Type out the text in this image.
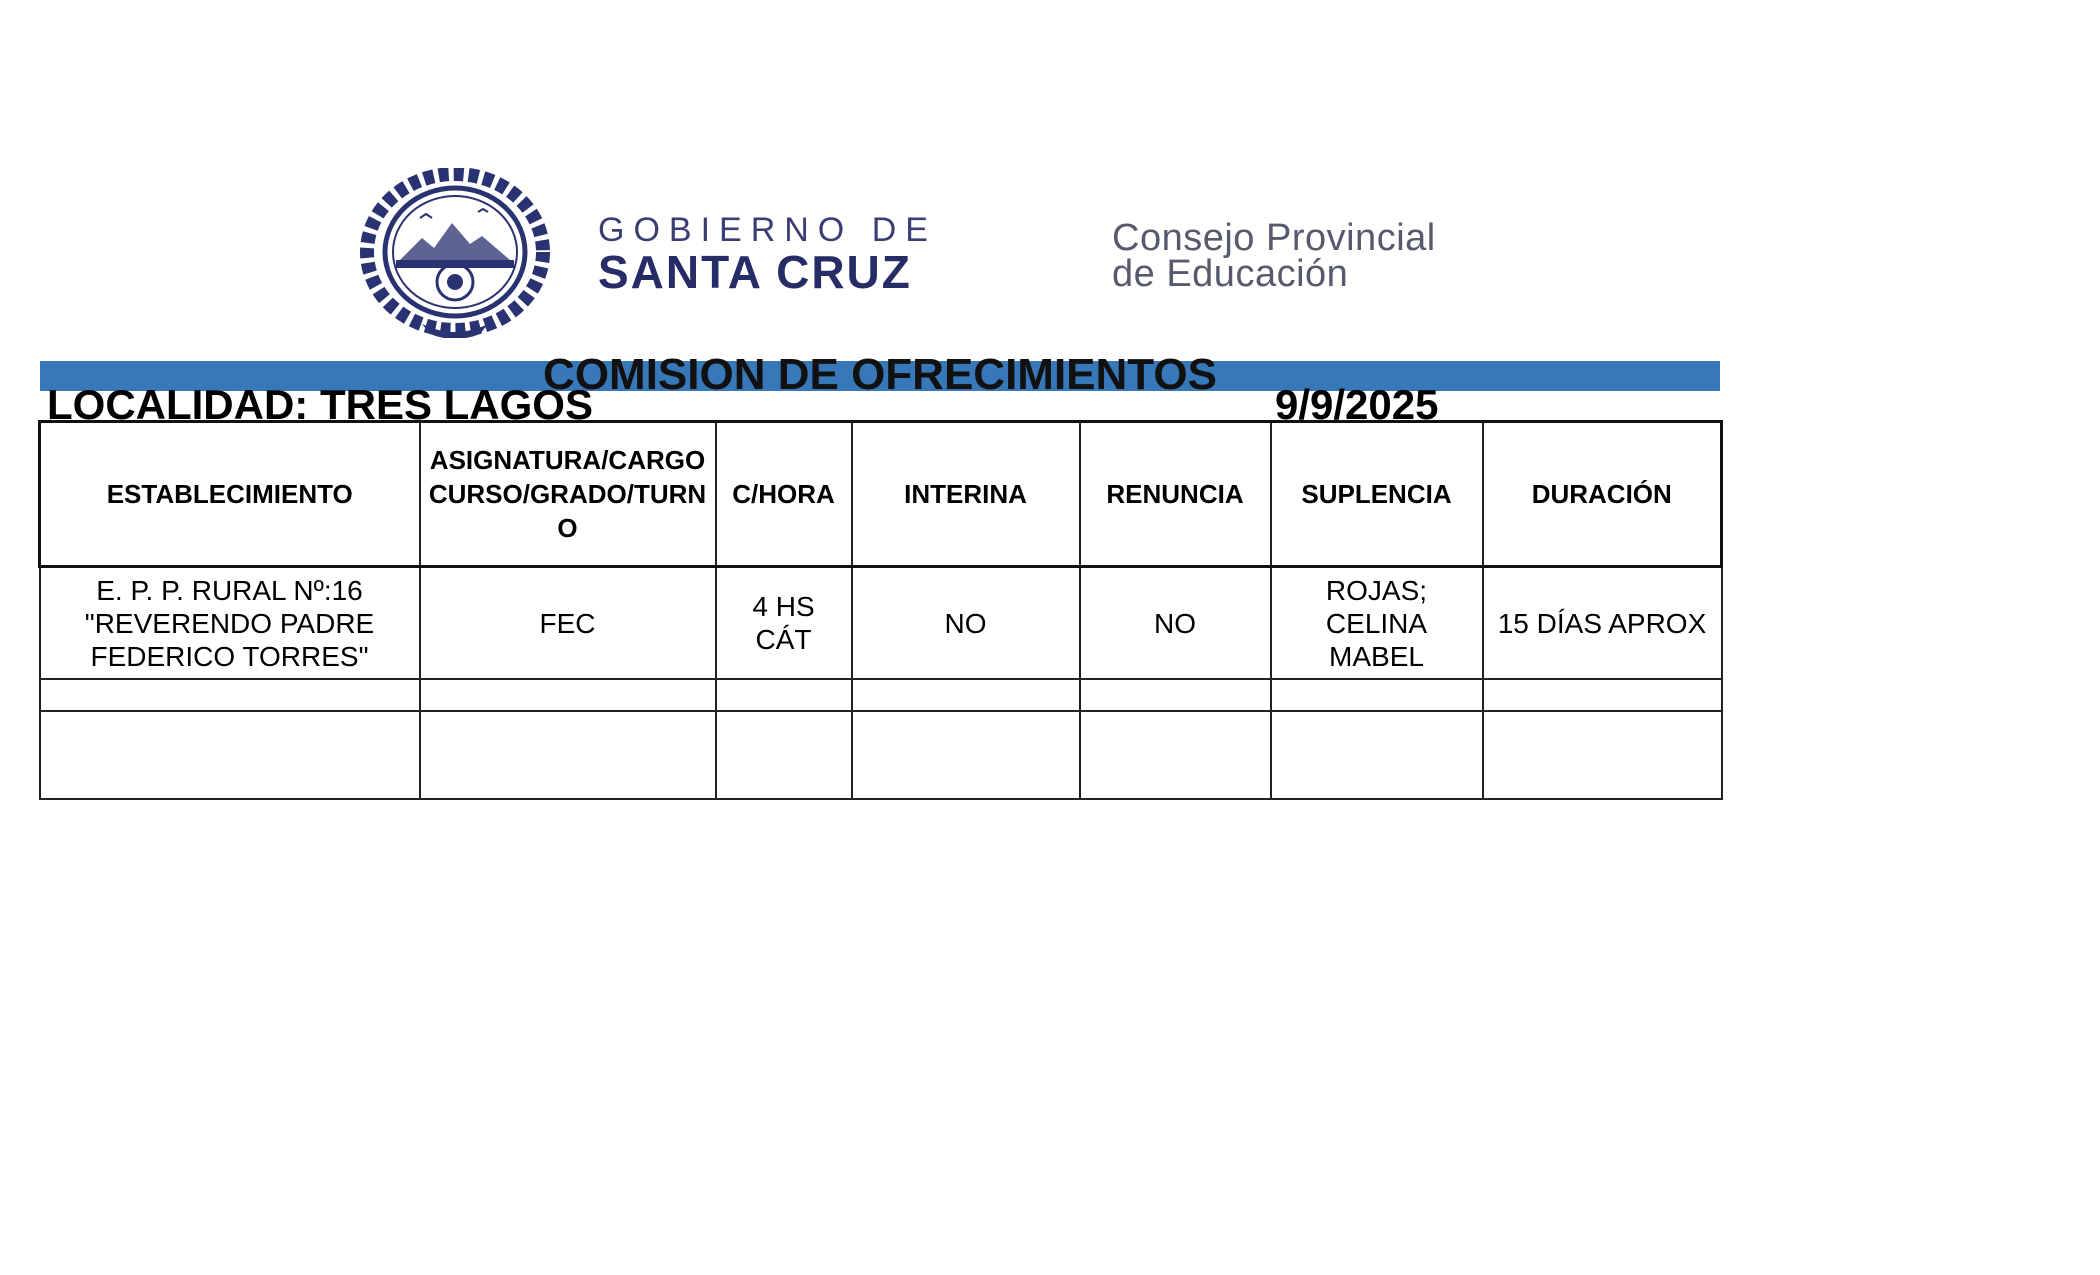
GOBIERNO DE
SANTA CRUZ
Consejo Provincial
de Educación
COMISION DE OFRECIMIENTOS
LOCALIDAD: TRES LAGOS	9/9/2025
ESTABLECIMIENTO	ASIGNATURA/CARGO CURSO/GRADO/TURNO	C/HORA	INTERINA	RENUNCIA	SUPLENCIA	DURACIÓN
E. P. P. RURAL Nº:16 "REVERENDO PADRE FEDERICO TORRES"	FEC	4 HS CÁT	NO	NO	ROJAS; CELINA MABEL	15 DÍAS APROX
